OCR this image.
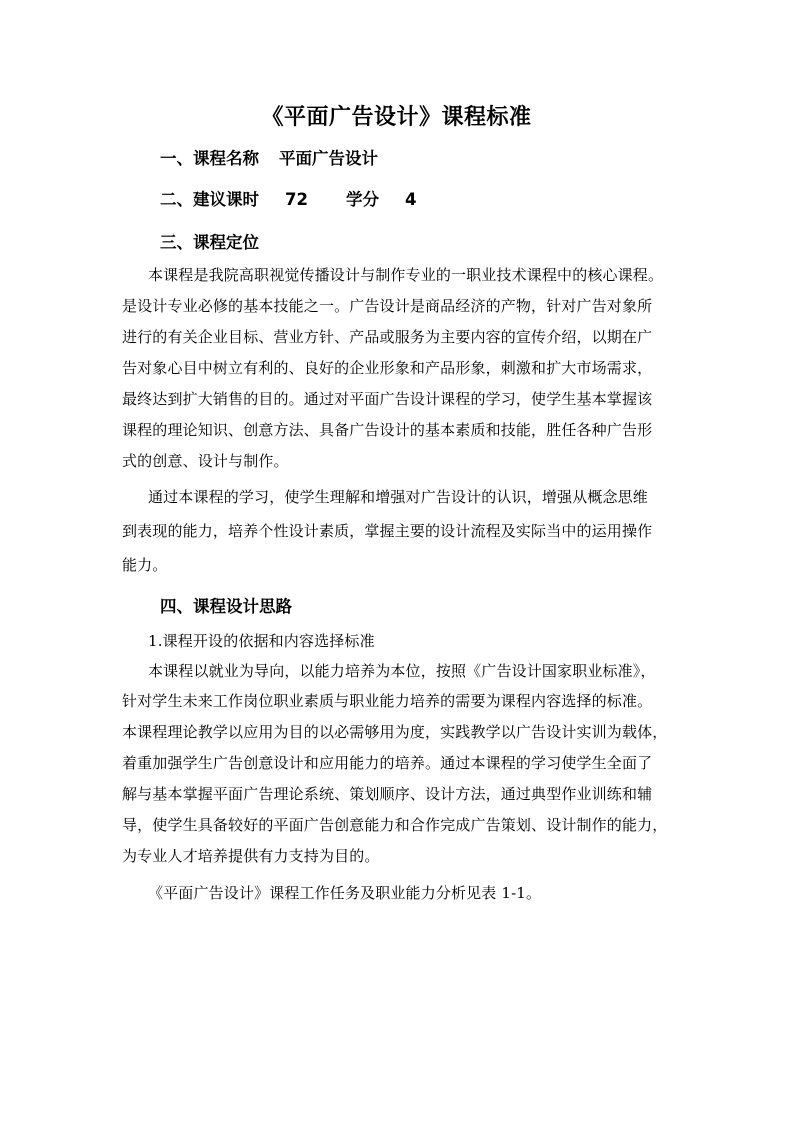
《平面广告设计》课程标准
一、课程名称 平面广告设计
二、建议课时 72 学分 4
三、课程定位
本课程是我院高职视觉传播设计与制作专业的一职业技术课程中的核心课程。
是设计专业必修的基本技能之一。广告设计是商品经济的产物，针对广告对象所
进行的有关企业目标、营业方针、产品或服务为主要内容的宣传介绍，以期在广
告对象心目中树立有利的、良好的企业形象和产品形象，刺激和扩大市场需求，
最终达到扩大销售的目的。通过对平面广告设计课程的学习，使学生基本掌握该
课程的理论知识、创意方法、具备广告设计的基本素质和技能，胜任各种广告形
式的创意、设计与制作。
通过本课程的学习，使学生理解和增强对广告设计的认识，增强从概念思维
到表现的能力，培养个性设计素质，掌握主要的设计流程及实际当中的运用操作
能力。
四、课程设计思路
1.课程开设的依据和内容选择标准
本课程以就业为导向，以能力培养为本位，按照《广告设计国家职业标准》，
针对学生未来工作岗位职业素质与职业能力培养的需要为课程内容选择的标准。
本课程理论教学以应用为目的以必需够用为度，实践教学以广告设计实训为载体，
着重加强学生广告创意设计和应用能力的培养。通过本课程的学习使学生全面了
解与基本掌握平面广告理论系统、策划顺序、设计方法，通过典型作业训练和辅
导，使学生具备较好的平面广告创意能力和合作完成广告策划、设计制作的能力，
为专业人才培养提供有力支持为目的。
《平面广告设计》课程工作任务及职业能力分析见表 1-1。
